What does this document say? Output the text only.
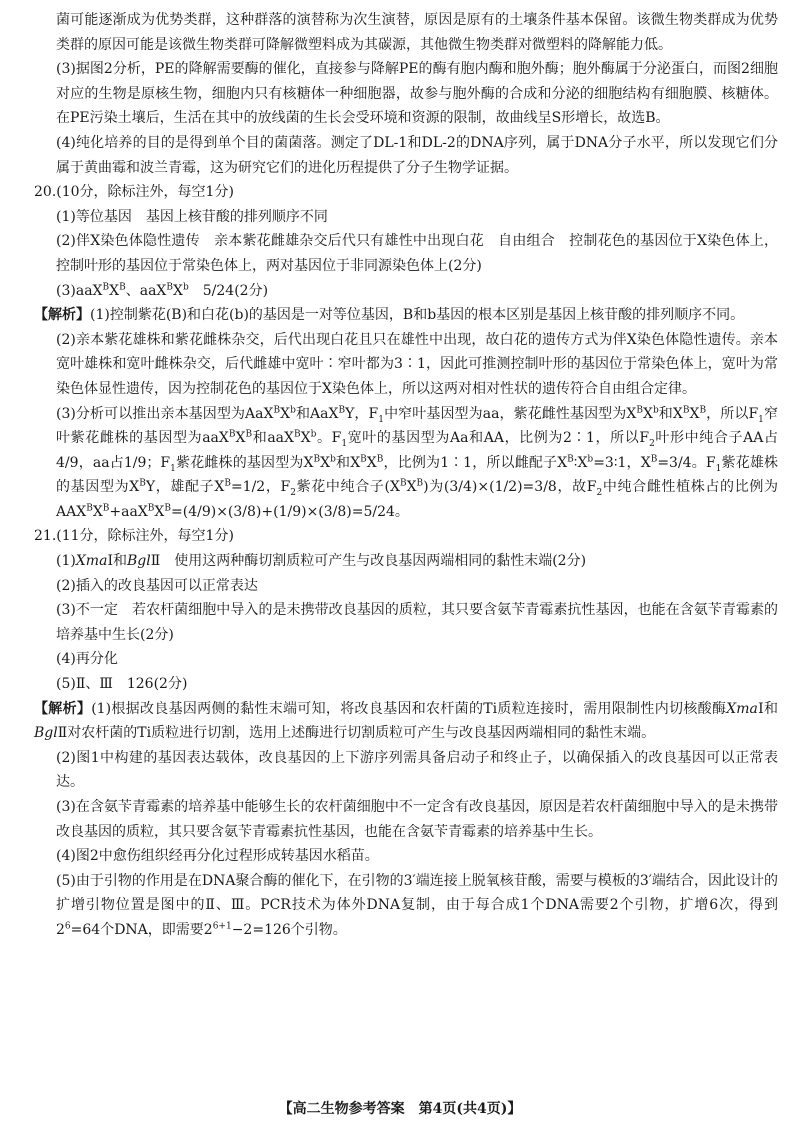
菌可能逐渐成为优势类群，这种群落的演替称为次生演替，原因是原有的土壤条件基本保留。该微生物类群成为优势类群的原因可能是该微生物类群可降解微塑料成为其碳源，其他微生物类群对微塑料的降解能力低。

(3)据图2分析，PE的降解需要酶的催化，直接参与降解PE的酶有胞内酶和胞外酶；胞外酶属于分泌蛋白，而图2细胞对应的生物是原核生物，细胞内只有核糖体一种细胞器，故参与胞外酶的合成和分泌的细胞结构有细胞膜、核糖体。在PE污染土壤后，生活在其中的放线菌的生长会受环境和资源的限制，故曲线呈S形增长，故选B。

(4)纯化培养的目的是得到单个目的菌菌落。测定了DL-1和DL-2的DNA序列，属于DNA分子水平，所以发现它们分属于黄曲霉和波兰青霉，这为研究它们的进化历程提供了分子生物学证据。

20.(10分，除标注外，每空1分)

(1)等位基因　基因上核苷酸的排列顺序不同

(2)伴X染色体隐性遗传　亲本紫花雌雄杂交后代只有雄性中出现白花　自由组合　控制花色的基因位于X染色体上，控制叶形的基因位于常染色体上，两对基因位于非同源染色体上(2分)

$(3)aaX^BX^B$、$aaX^BX^b$　 5/24(2分)

【解析】(1)控制紫花(B)和白花(b)的基因是一对等位基因，B和b基因的根本区别是基因上核苷酸的排列顺序不同。

(2)亲本紫花雄株和紫花雌株杂交，后代出现白花且只在雄性中出现，故白花的遗传方式为伴X染色体隐性遗传。亲本宽叶雄株和宽叶雌株杂交，后代雌雄中宽叶∶窄叶都为3∶1，因此可推测控制叶形的基因位于常染色体上，宽叶为常染色体显性遗传，因为控制花色的基因位于X染色体上，所以这两对相对性状的遗传符合自由组合定律。

(3)分析可以推出亲本基因型为$AaX^BX^b$和AaX$^B$Y，$F_1$中窄叶基因型为aa，紫花雌性基因型为$X^BX^b$和$X^BX^B$，所以$F_1$窄叶紫花雌株的基因型为$aaX^BX^B$和$aaX^BX^b$。$F_1$宽叶的基因型为Aa和AA，比例为2∶1，所以$F_2$叶形中纯合子AA占4/9，aa占1/9；$F_1$紫花雌株的基因型为$X^BX^b$和$X^BX^B$，比例为1∶1，所以雌配子$X^B∶X^b=3∶1$，$X^B=3/4$。$F_1$紫花雄株的基因型为$X^BY$，雄配子$X^B=1/2$，$F_2$紫花中纯合子$(X^BX^B)$为(3/4)×(1/2)=3/8，故$F_2$中纯合雌性植株占的比例为$AAX^BX^B+aaX^BX^B=(4/9)\times(3/8)+(1/9)\times(3/8)=5/24$。

21.(11分，除标注外，每空1分)

(1)XmaⅠ和BglⅡ　使用这两种酶切割质粒可产生与改良基因两端相同的黏性末端(2分)

(2)插入的改良基因可以正常表达

(3)不一定　若农杆菌细胞中导入的是未携带改良基因的质粒，其只要含氨苄青霉素抗性基因，也能在含氨苄青霉素的培养基中生长(2分)

(4)再分化

(5)Ⅱ、Ⅲ　126(2分)

【解析】(1)根据改良基因两侧的黏性末端可知，将改良基因和农杆菌的Ti质粒连接时，需用限制性内切核酸酶XmaⅠ和BglⅡ对农杆菌的Ti质粒进行切割，选用上述酶进行切割质粒可产生与改良基因两端相同的黏性末端。

(2)图1中构建的基因表达载体，改良基因的上下游序列需具备启动子和终止子，以确保插入的改良基因可以正常表达。

(3)在含氨苄青霉素的培养基中能够生长的农杆菌细胞中不一定含有改良基因，原因是若农杆菌细胞中导入的是未携带改良基因的质粒，其只要含氨苄青霉素抗性基因，也能在含氨苄青霉素的培养基中生长。

(4)图2中愈伤组织经再分化过程形成转基因水稻苗。

(5)由于引物的作用是在DNA聚合酶的催化下，在引物的3′端连接上脱氧核苷酸，需要与模板的3′端结合，因此设计的扩增引物位置是图中的Ⅱ、Ⅲ。PCR技术为体外DNA复制，由于每合成1个DNA需要2个引物，扩增6次，得到$2^6=64$个DNA，即需要$2^{6+1}-2=126$个引物。

【高二生物参考答案　第4页(共4页)】
